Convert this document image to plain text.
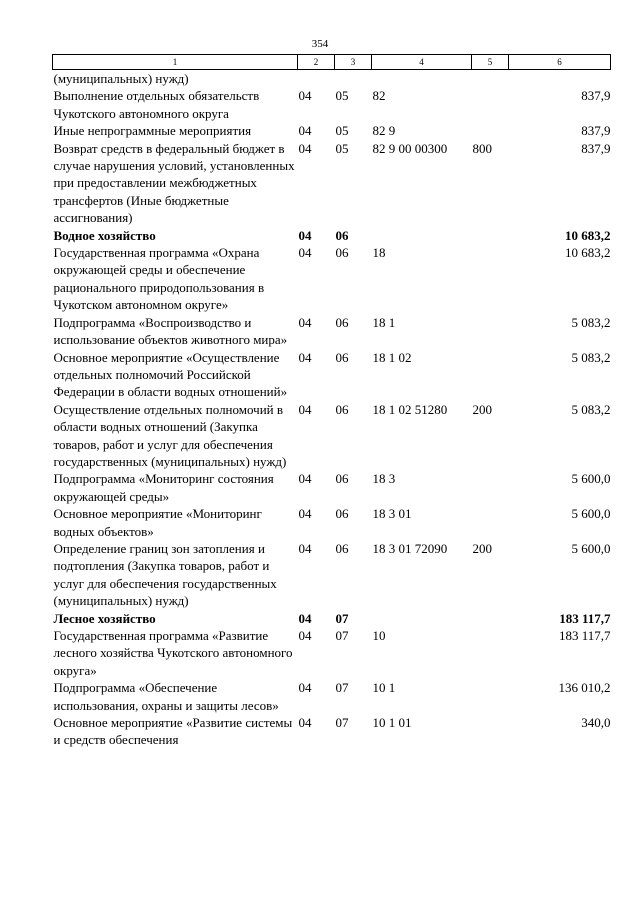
354
1	2	3	4	5	6
(муниципальных) нужд)					
Выполнение отдельных обязательств Чукотского автономного округа	04	05	82		837,9
Иные непрограммные мероприятия	04	05	82 9		837,9
Возврат средств в федеральный бюджет в случае нарушения условий, установленных при предоставлении межбюджетных трансфертов (Иные бюджетные ассигнования)	04	05	82 9 00 00300	800	837,9
Водное хозяйство	04	06			10 683,2
Государственная программа «Охрана окружающей среды и обеспечение рационального природопользования в Чукотском автономном округе»	04	06	18		10 683,2
Подпрограмма «Воспроизводство и использование объектов животного мира»	04	06	18 1		5 083,2
Основное мероприятие «Осуществление отдельных полномочий Российской Федерации в области водных отношений»	04	06	18 1 02		5 083,2
Осуществление отдельных полномочий в области водных отношений (Закупка товаров, работ и услуг для обеспечения государственных (муниципальных) нужд)	04	06	18 1 02 51280	200	5 083,2
Подпрограмма «Мониторинг состояния окружающей среды»	04	06	18 3		5 600,0
Основное мероприятие «Мониторинг водных объектов»	04	06	18 3 01		5 600,0
Определение границ зон затопления и подтопления (Закупка товаров, работ и услуг для обеспечения государственных (муниципальных) нужд)	04	06	18 3 01 72090	200	5 600,0
Лесное хозяйство	04	07			183 117,7
Государственная программа «Развитие лесного хозяйства Чукотского автономного округа»	04	07	10		183 117,7
Подпрограмма «Обеспечение использования, охраны и защиты лесов»	04	07	10 1		136 010,2
Основное мероприятие «Развитие системы и средств обеспечения	04	07	10 1 01		340,0
